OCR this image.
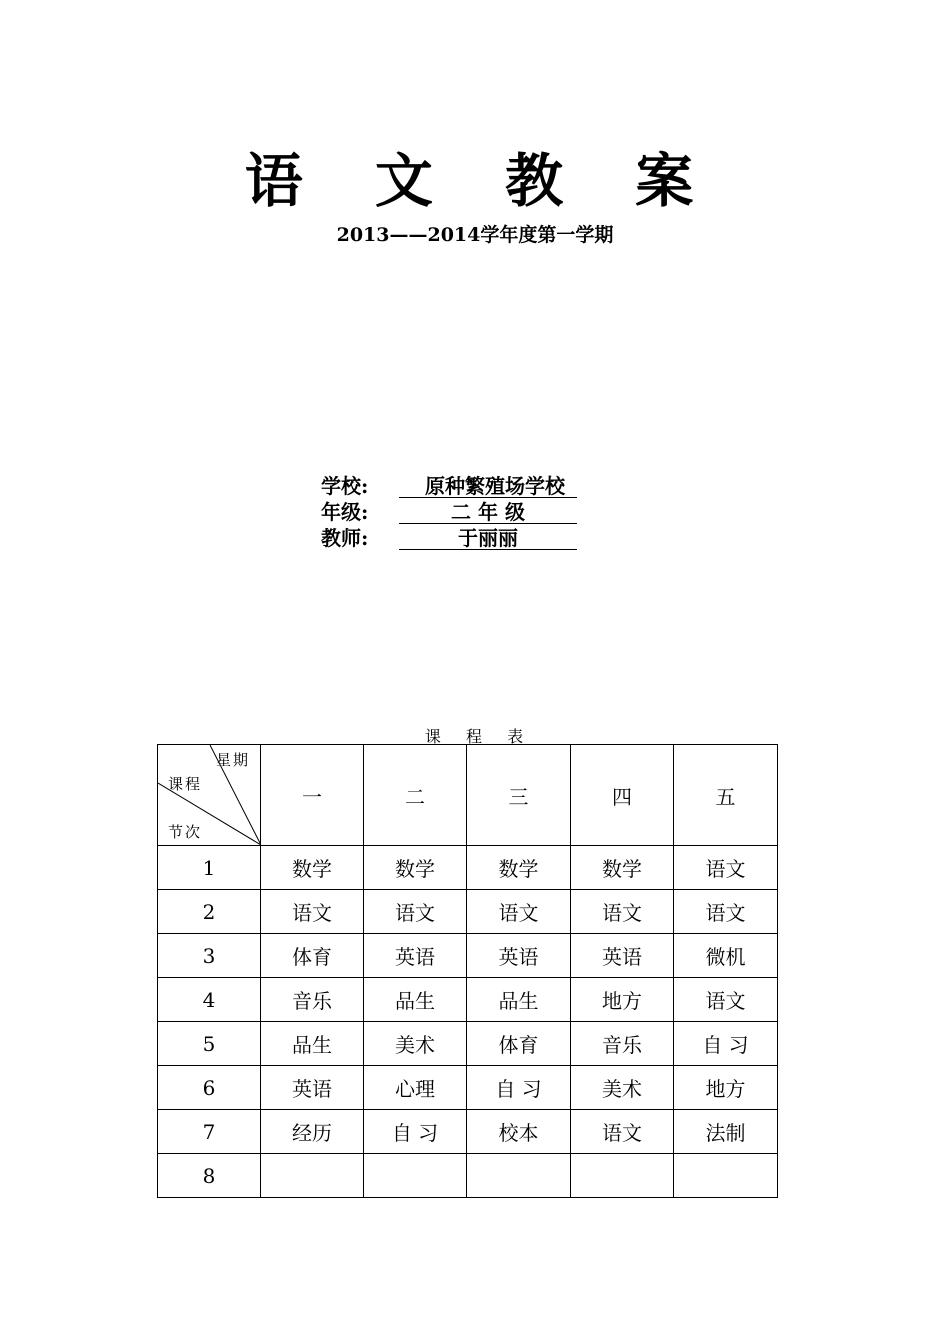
语 文 教 案
2013——2014学年度第一学期
学校:	原种繁殖场学校
年级:	二 年 级
教师:	于丽丽
课 程 表
星期
课程
节次	一	二	三	四	五
1	数学	数学	数学	数学	语文
2	语文	语文	语文	语文	语文
3	体育	英语	英语	英语	微机
4	音乐	品生	品生	地方	语文
5	品生	美术	体育	音乐	自 习
6	英语	心理	自 习	美术	地方
7	经历	自 习	校本	语文	法制
8					
